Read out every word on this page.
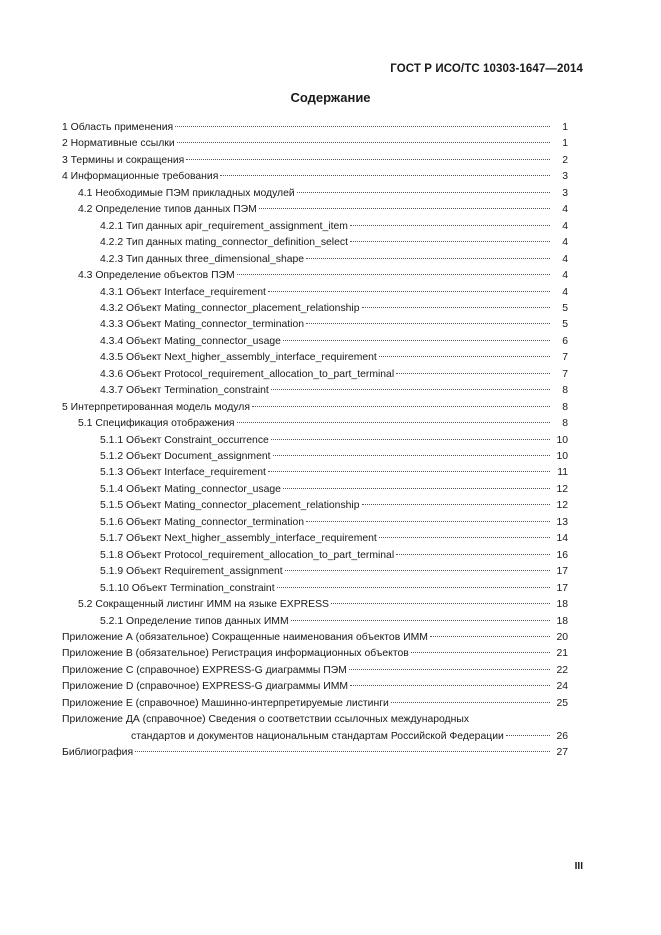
ГОСТ Р ИСО/ТС 10303-1647—2014
Содержание
1 Область применения	1
2 Нормативные ссылки	1
3 Термины и сокращения	2
4 Информационные требования	3
4.1 Необходимые ПЭМ прикладных модулей	3
4.2 Определение типов данных ПЭМ	4
4.2.1 Тип данных apir_requirement_assignment_item	4
4.2.2 Тип данных mating_connector_definition_select	4
4.2.3 Тип данных three_dimensional_shape	4
4.3 Определение объектов ПЭМ	4
4.3.1 Объект Interface_requirement	4
4.3.2 Объект Mating_connector_placement_relationship	5
4.3.3 Объект Mating_connector_termination	5
4.3.4 Объект Mating_connector_usage	6
4.3.5 Объект Next_higher_assembly_interface_requirement	7
4.3.6 Объект Protocol_requirement_allocation_to_part_terminal	7
4.3.7 Объект Termination_constraint	8
5 Интерпретированная модель модуля	8
5.1 Спецификация отображения	8
5.1.1 Объект Constraint_occurrence	10
5.1.2 Объект Document_assignment	10
5.1.3 Объект Interface_requirement	11
5.1.4 Объект Mating_connector_usage	12
5.1.5 Объект Mating_connector_placement_relationship	12
5.1.6 Объект Mating_connector_termination	13
5.1.7 Объект Next_higher_assembly_interface_requirement	14
5.1.8 Объект Protocol_requirement_allocation_to_part_terminal	16
5.1.9 Объект Requirement_assignment	17
5.1.10 Объект Termination_constraint	17
5.2 Сокращенный листинг ИММ на языке EXPRESS	18
5.2.1 Определение типов данных ИММ	18
Приложение А (обязательное) Сокращенные наименования объектов ИММ	20
Приложение В (обязательное) Регистрация информационных объектов	21
Приложение С (справочное) EXPRESS-G диаграммы ПЭМ	22
Приложение D (справочное) EXPRESS-G диаграммы ИММ	24
Приложение Е (справочное) Машинно-интерпретируемые листинги	25
Приложение ДА (справочное) Сведения о соответствии ссылочных международных
стандартов и документов национальным стандартам Российской Федерации	26
Библиография	27
III
